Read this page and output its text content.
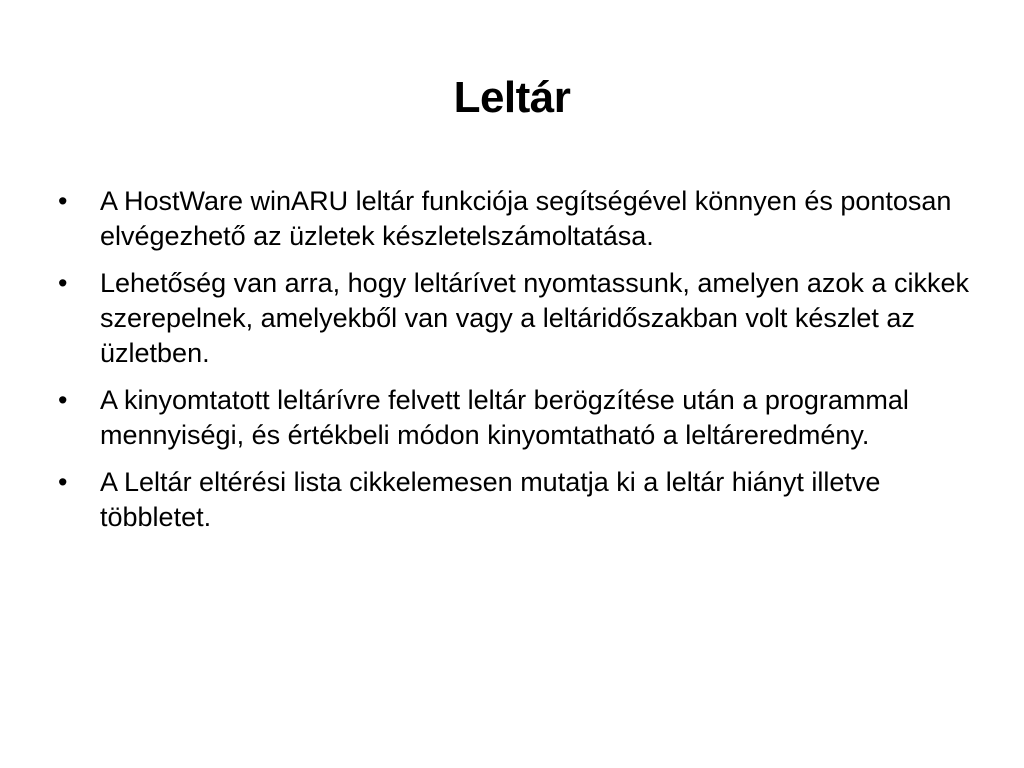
Leltár
•	A HostWare winARU leltár funkciója segítségével könnyen és pontosan elvégezhető az üzletek készletelszámoltatása.
•	Lehetőség van arra, hogy leltárívet nyomtassunk, amelyen azok a cikkek szerepelnek, amelyekből van vagy a leltáridőszakban volt készlet az üzletben.
•	A kinyomtatott leltárívre felvett leltár berögzítése után a programmal mennyiségi, és értékbeli módon kinyomtatható a leltáreredmény.
•	A Leltár eltérési lista cikkelemesen mutatja ki a leltár hiányt illetve többletet.
